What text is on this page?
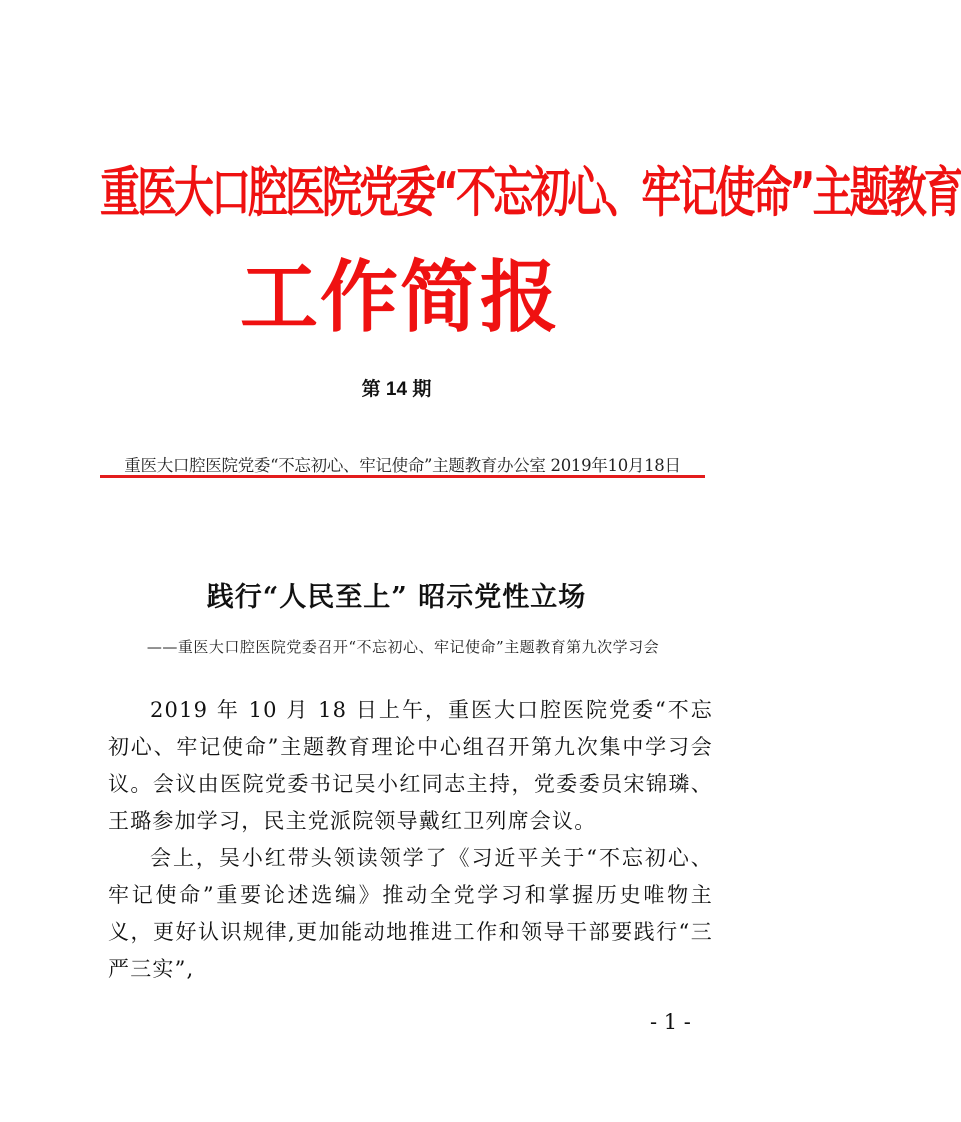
重医大口腔医院党委“不忘初心、牢记使命”主题教育
工作简报
第 14 期
重医大口腔医院党委“不忘初心、牢记使命”主题教育办公室 2019年10月18日
践行“人民至上” 昭示党性立场
——重医大口腔医院党委召开“不忘初心、牢记使命”主题教育第九次学习会

2019 年 10 月 18 日上午，重医大口腔医院党委“不忘初心、牢记使命”主题教育理论中心组召开第九次集中学习会议。会议由医院党委书记吴小红同志主持，党委委员宋锦璘、王璐参加学习，民主党派院领导戴红卫列席会议。

会上，吴小红带头领读领学了《习近平关于“不忘初心、牢记使命”重要论述选编》推动全党学习和掌握历史唯物主义，更好认识规律,更加能动地推进工作和领导干部要践行“三严三实”,

- 1 -
